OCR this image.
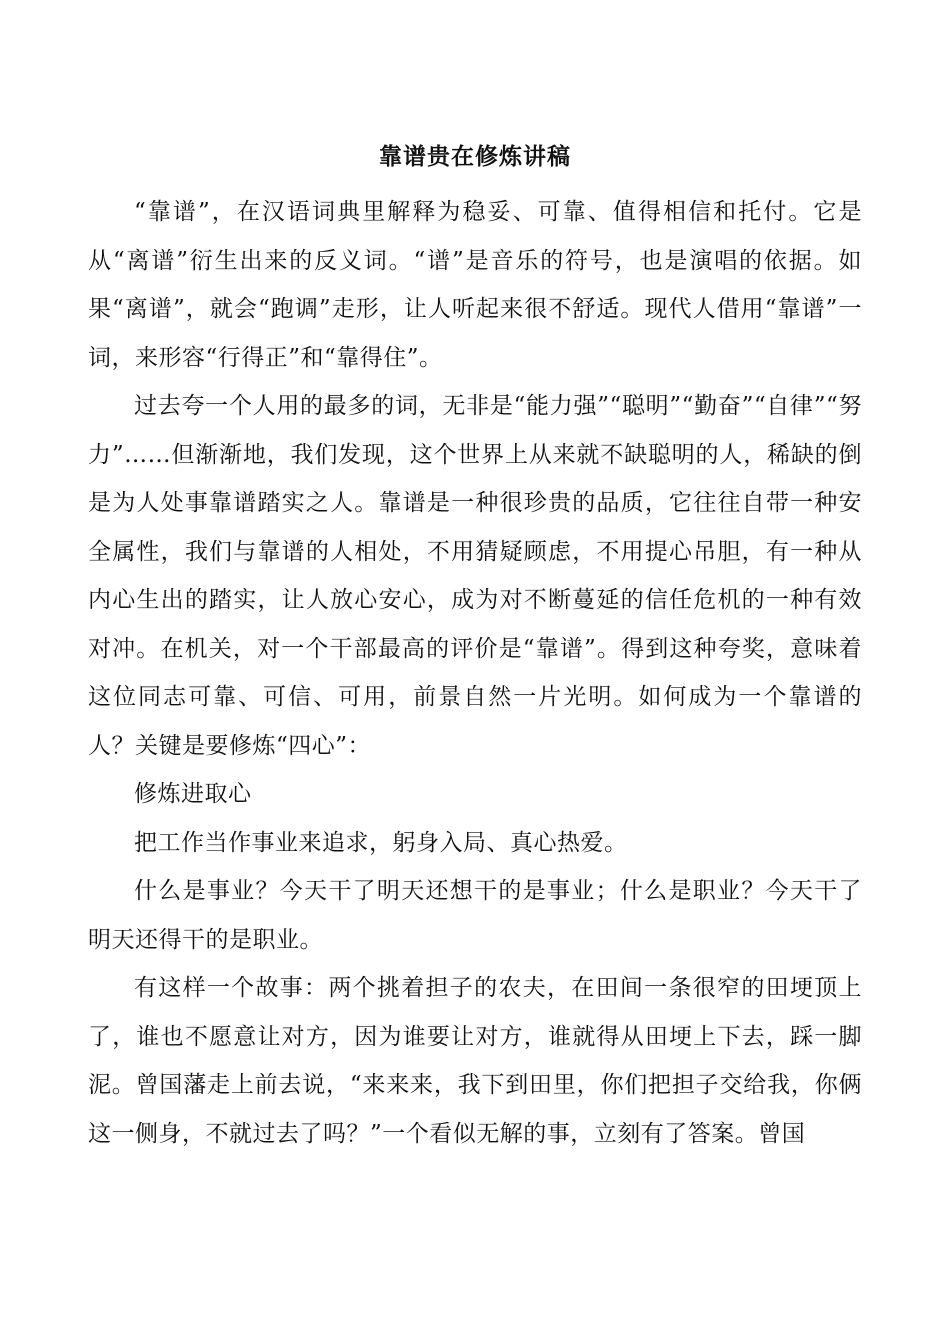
靠谱贵在修炼讲稿

“靠谱”，在汉语词典里解释为稳妥、可靠、值得相信和托付。它是从“离谱”衍生出来的反义词。“谱”是音乐的符号，也是演唱的依据。如果“离谱”，就会“跑调”走形，让人听起来很不舒适。现代人借用“靠谱”一词，来形容“行得正”和“靠得住”。

过去夸一个人用的最多的词，无非是“能力强”“聪明”“勤奋”“自律”“努力”……但渐渐地，我们发现，这个世界上从来就不缺聪明的人，稀缺的倒是为人处事靠谱踏实之人。靠谱是一种很珍贵的品质，它往往自带一种安全属性，我们与靠谱的人相处，不用猜疑顾虑，不用提心吊胆，有一种从内心生出的踏实，让人放心安心，成为对不断蔓延的信任危机的一种有效对冲。在机关，对一个干部最高的评价是“靠谱”。得到这种夸奖，意味着这位同志可靠、可信、可用，前景自然一片光明。如何成为一个靠谱的人？关键是要修炼“四心”：

修炼进取心

把工作当作事业来追求，躬身入局、真心热爱。

什么是事业？今天干了明天还想干的是事业；什么是职业？今天干了明天还得干的是职业。

有这样一个故事：两个挑着担子的农夫，在田间一条很窄的田埂顶上了，谁也不愿意让对方，因为谁要让对方，谁就得从田埂上下去，踩一脚泥。曾国藩走上前去说，“来来来，我下到田里，你们把担子交给我，你俩这一侧身，不就过去了吗？”一个看似无解的事，立刻有了答案。曾国
